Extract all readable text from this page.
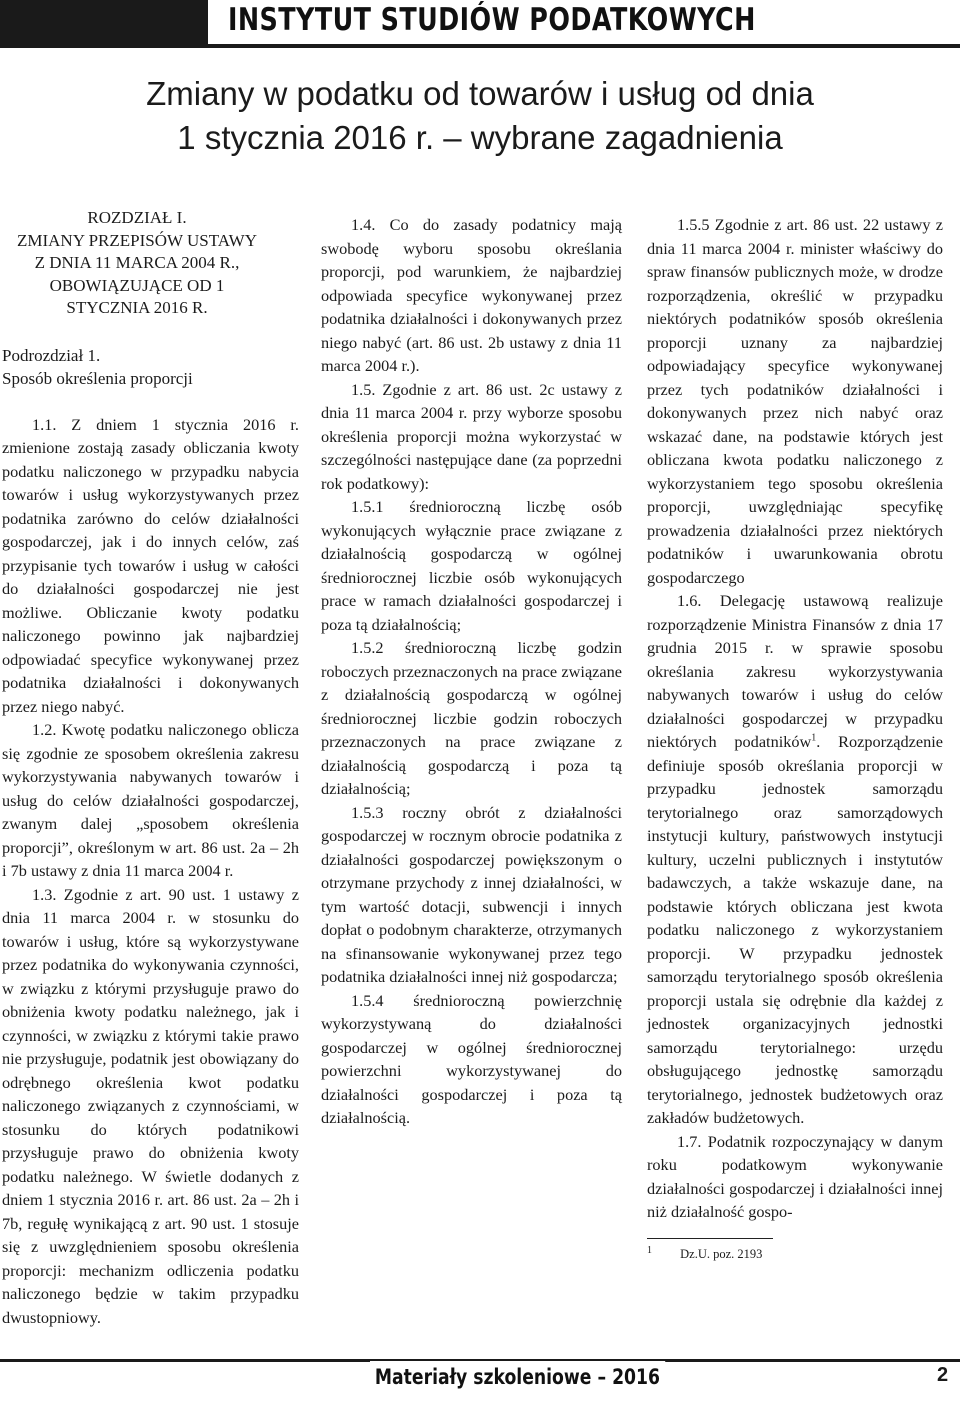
INSTYTUT STUDIÓW PODATKOWYCH
Zmiany w podatku od towarów i usług od dnia
1 stycznia 2016 r. – wybrane zagadnienia
ROZDZIAŁ I.
ZMIANY PRZEPISÓW USTAWY
Z DNIA 11 MARCA 2004 R.,
OBOWIĄZUJĄCE OD 1
STYCZNIA 2016 R.

Podrozdział 1.

Sposób określenia proporcji

1.1. Z dniem 1 stycznia 2016 r. zmienione zostają zasady obliczania kwoty podatku naliczonego w przypadku nabycia towarów i usług wykorzystywanych przez podatnika zarówno do celów działalności gospodarczej, jak i do innych celów, zaś przypisanie tych towarów i usług w całości do działalności gospodarczej nie jest możliwe. Obliczanie kwoty podatku naliczonego powinno jak najbardziej odpowiadać specyfice wykonywanej przez podatnika działalności i dokonywanych przez niego nabyć.

1.2. Kwotę podatku naliczonego oblicza się zgodnie ze sposobem określenia zakresu wykorzystywania nabywanych towarów i usług do celów działalności gospodarczej, zwanym dalej „sposobem określenia proporcji”, określonym w art. 86 ust. 2a – 2h i 7b ustawy z dnia 11 marca 2004 r.

1.3. Zgodnie z art. 90 ust. 1 ustawy z dnia 11 marca 2004 r. w stosunku do towarów i usług, które są wykorzystywane przez podatnika do wykonywania czynności, w związku z którymi przysługuje prawo do obniżenia kwoty podatku należnego, jak i czynności, w związku z którymi takie prawo nie przysługuje, podatnik jest obowiązany do odrębnego określenia kwot podatku naliczonego związanych z czynnościami, w stosunku do których podatnikowi przysługuje prawo do obniżenia kwoty podatku należnego. W świetle dodanych z dniem 1 stycznia 2016 r. art. 86 ust. 2a – 2h i 7b, regułę wynikającą z art. 90 ust. 1 stosuje się z uwzględnieniem sposobu określenia proporcji: mechanizm odliczenia podatku naliczonego będzie w takim przypadku dwustopniowy.

1.4. Co do zasady podatnicy mają swobodę wyboru sposobu określania proporcji, pod warunkiem, że najbardziej odpowiada specyfice wykonywanej przez podatnika działalności i dokonywanych przez niego nabyć (art. 86 ust. 2b ustawy z dnia 11 marca 2004 r.).

1.5. Zgodnie z art. 86 ust. 2c ustawy z dnia 11 marca 2004 r. przy wyborze sposobu określenia proporcji można wykorzystać w szczególności następujące dane (za poprzedni rok podatkowy):

1.5.1 średnioroczną liczbę osób wykonujących wyłącznie prace związane z działalnością gospodarczą w ogólnej średniorocznej liczbie osób wykonujących prace w ramach działalności gospodarczej i poza tą działalnością;

1.5.2 średnioroczną liczbę godzin roboczych przeznaczonych na prace związane z działalnością gospodarczą w ogólnej średniorocznej liczbie godzin roboczych przeznaczonych na prace związane z działalnością gospodarczą i poza tą działalnością;

1.5.3 roczny obrót z działalności gospodarczej w rocznym obrocie podatnika z działalności gospodarczej powiększonym o otrzymane przychody z innej działalności, w tym wartość dotacji, subwencji i innych dopłat o podobnym charakterze, otrzymanych na sfinansowanie wykonywanej przez tego podatnika działalności innej niż gospodarcza;

1.5.4 średnioroczną powierzchnię wykorzystywaną do działalności gospodarczej w ogólnej średniorocznej powierzchni wykorzystywanej do działalności gospodarczej i poza tą działalnością.

1.5.5 Zgodnie z art. 86 ust. 22 ustawy z dnia 11 marca 2004 r. minister właściwy do spraw finansów publicznych może, w drodze rozporządzenia, określić w przypadku niektórych podatników sposób określenia proporcji uznany za najbardziej odpowiadający specyfice wykonywanej przez tych podatników działalności i dokonywanych przez nich nabyć oraz wskazać dane, na podstawie których jest obliczana kwota podatku naliczonego z wykorzystaniem tego sposobu określenia proporcji, uwzględniając specyfikę prowadzenia działalności przez niektórych podatników i uwarunkowania obrotu gospodarczego

1.6. Delegację ustawową realizuje rozporządzenie Ministra Finansów z dnia 17 grudnia 2015 r. w sprawie sposobu określania zakresu wykorzystywania nabywanych towarów i usług do celów działalności gospodarczej w przypadku niektórych podatników$^1$. Rozporządzenie definiuje sposób określania proporcji w przypadku jednostek samorządu terytorialnego oraz samorządowych instytucji kultury, państwowych instytucji kultury, uczelni publicznych i instytutów badawczych, a także wskazuje dane, na podstawie których obliczana jest kwota podatku naliczonego z wykorzystaniem proporcji. W przypadku jednostek samorządu terytorialnego sposób określenia proporcji ustala się odrębnie dla każdej z jednostek organizacyjnych jednostki samorządu terytorialnego: urzędu obsługującego jednostkę samorządu terytorialnego, jednostek budżetowych oraz zakładów budżetowych.

1.7. Podatnik rozpoczynający w danym roku podatkowym wykonywanie działalności gospodarczej i działalności innej niż działalność gospo-

$^1$ Dz.U. poz. 2193

Materiały szkoleniowe – 2016	2
